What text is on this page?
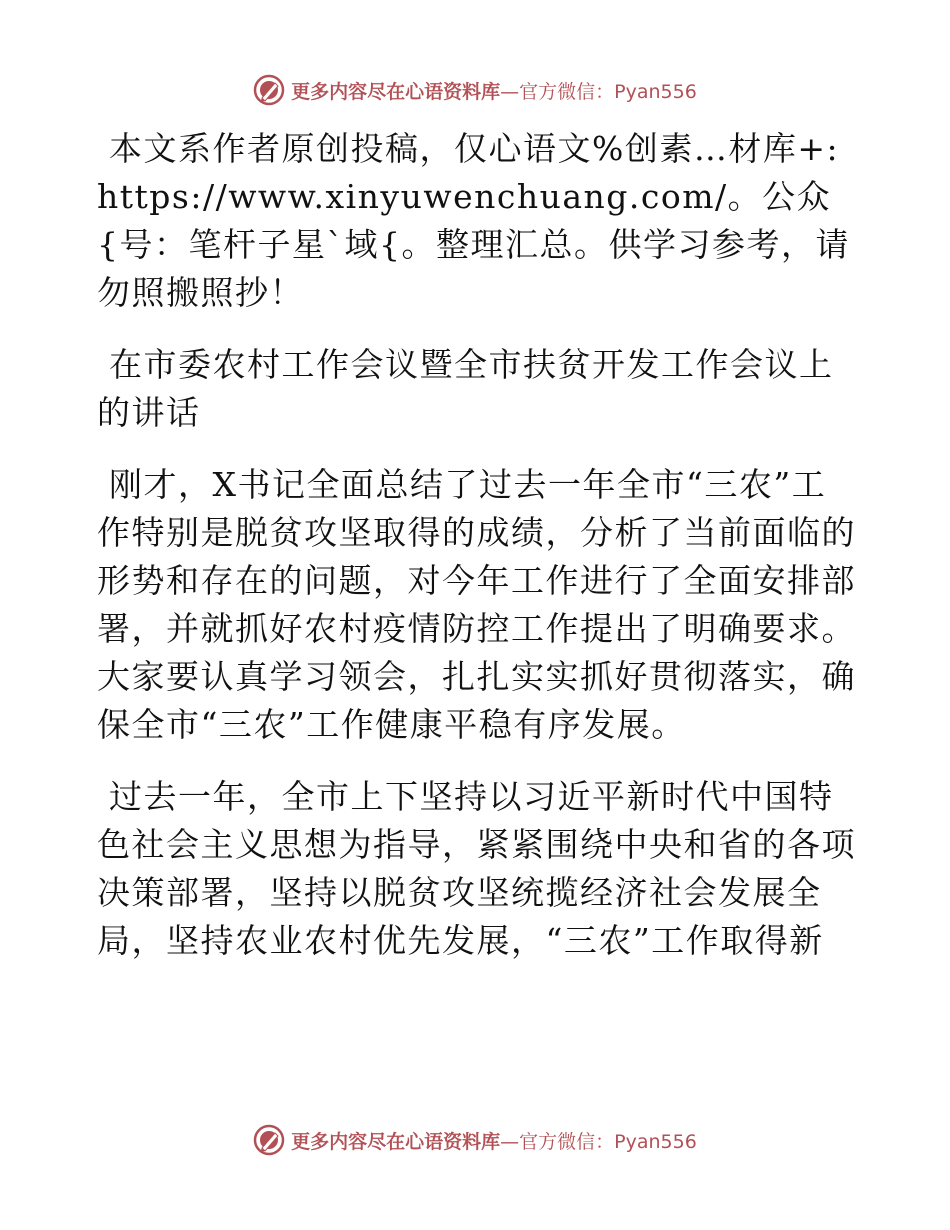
更多内容尽在心语资料库 —官方微信：Pyan556

本文系作者原创投稿，仅心语文%创素…材库+: https://www.xinyuwenchuang.com/。公众{号：笔杆子星`域{。整理汇总。供学习参考，请勿照搬照抄！

在市委农村工作会议暨全市扶贫开发工作会议上的讲话

刚才，X书记全面总结了过去一年全市“三农”工作特别是脱贫攻坚取得的成绩，分析了当前面临的形势和存在的问题，对今年工作进行了全面安排部署，并就抓好农村疫情防控工作提出了明确要求。大家要认真学习领会，扎扎实实抓好贯彻落实，确保全市“三农”工作健康平稳有序发展。

过去一年，全市上下坚持以习近平新时代中国特色社会主义思想为指导，紧紧围绕中央和省的各项决策部署，坚持以脱贫攻坚统揽经济社会发展全局，坚持农业农村优先发展，“三农”工作取得新

更多内容尽在心语资料库 —官方微信：Pyan556
